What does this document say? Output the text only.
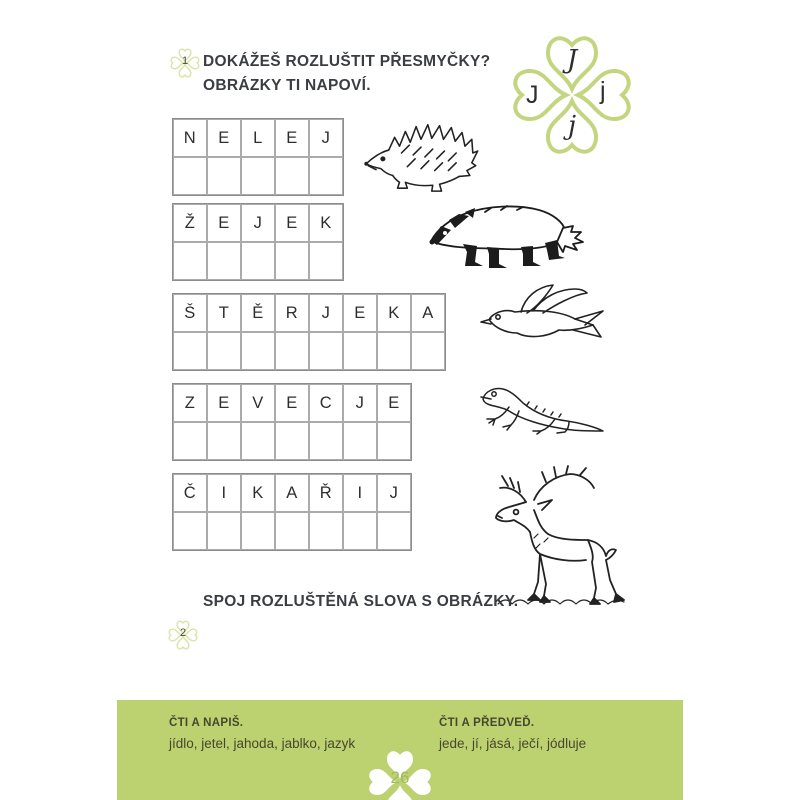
1 DOKÁŽEŠ ROZLUŠTIT PŘESMYČKY?
OBRÁZKY TI NAPOVÍ.
J
J j
j
N	E	L	E	J
Ž	E	J	E	K
Š	T	Ě	R	J	E	K	A
Z	E	V	E	C	J	E
Č	I	K	A	Ř	I	J
2
SPOJ ROZLUŠTĚNÁ SLOVA S OBRÁZKY.
ČTI A NAPIŠ.
jídlo, jetel, jahoda, jablko, jazyk
ČTI A PŘEDVEĎ.
jede, jí, jásá, ječí, jódluje
26
